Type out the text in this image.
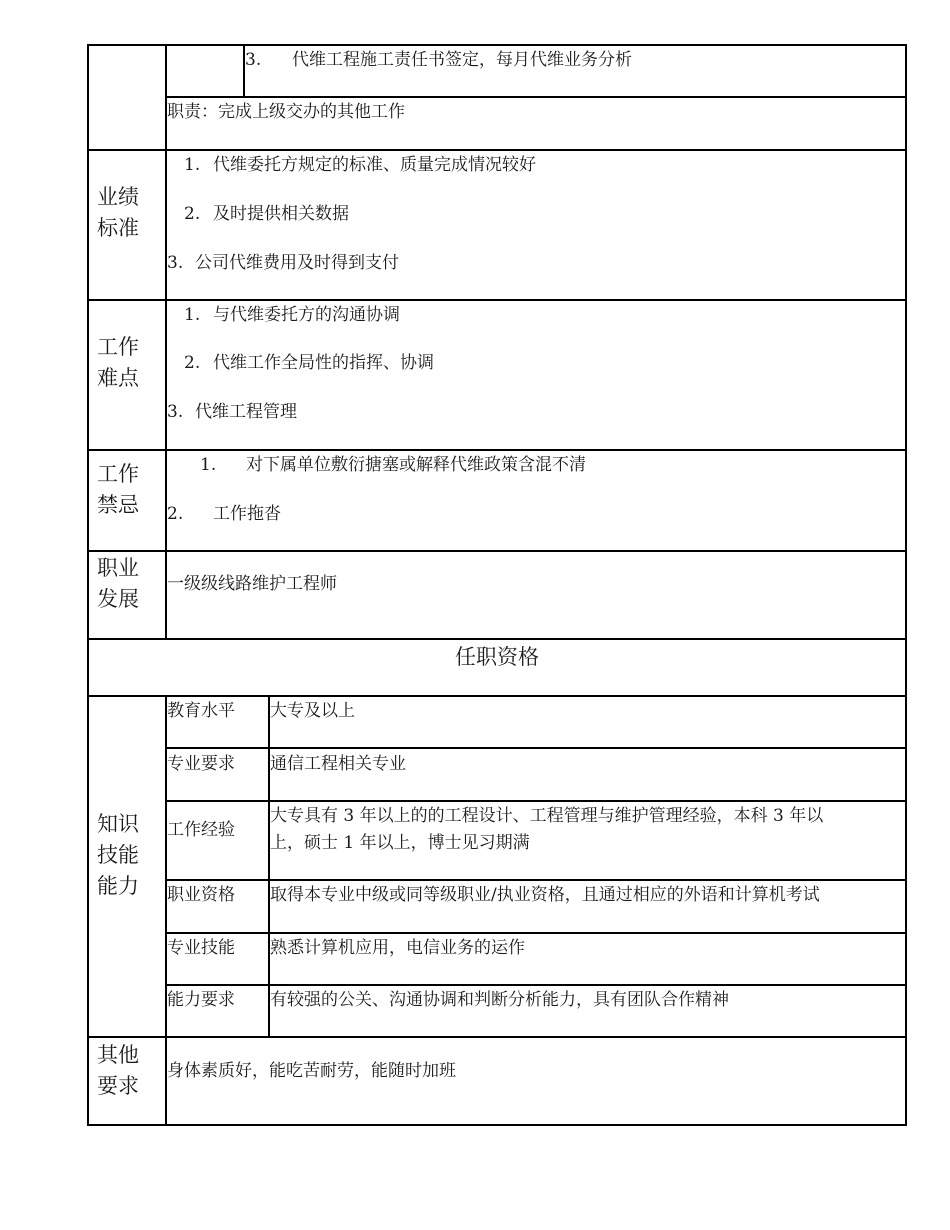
3. 代维工程施工责任书签定，每月代维业务分析
职责：完成上级交办的其他工作
业绩
标准
1. 代维委托方规定的标准、质量完成情况较好
2. 及时提供相关数据
3. 公司代维费用及时得到支付
工作
难点
1. 与代维委托方的沟通协调
2. 代维工作全局性的指挥、协调
3. 代维工程管理
工作
禁忌
1. 对下属单位敷衍搪塞或解释代维政策含混不清
2. 工作拖沓
职业
发展
一级级线路维护工程师
任职资格
知识
技能
能力
教育水平 大专及以上
专业要求 通信工程相关专业
工作经验
大专具有 3 年以上的的工程设计、工程管理与维护管理经验，本科 3 年以
上，硕士 1 年以上，博士见习期满
职业资格 取得本专业中级或同等级职业/执业资格，且通过相应的外语和计算机考试
专业技能 熟悉计算机应用，电信业务的运作
能力要求 有较强的公关、沟通协调和判断分析能力，具有团队合作精神
其他
要求
身体素质好，能吃苦耐劳，能随时加班
